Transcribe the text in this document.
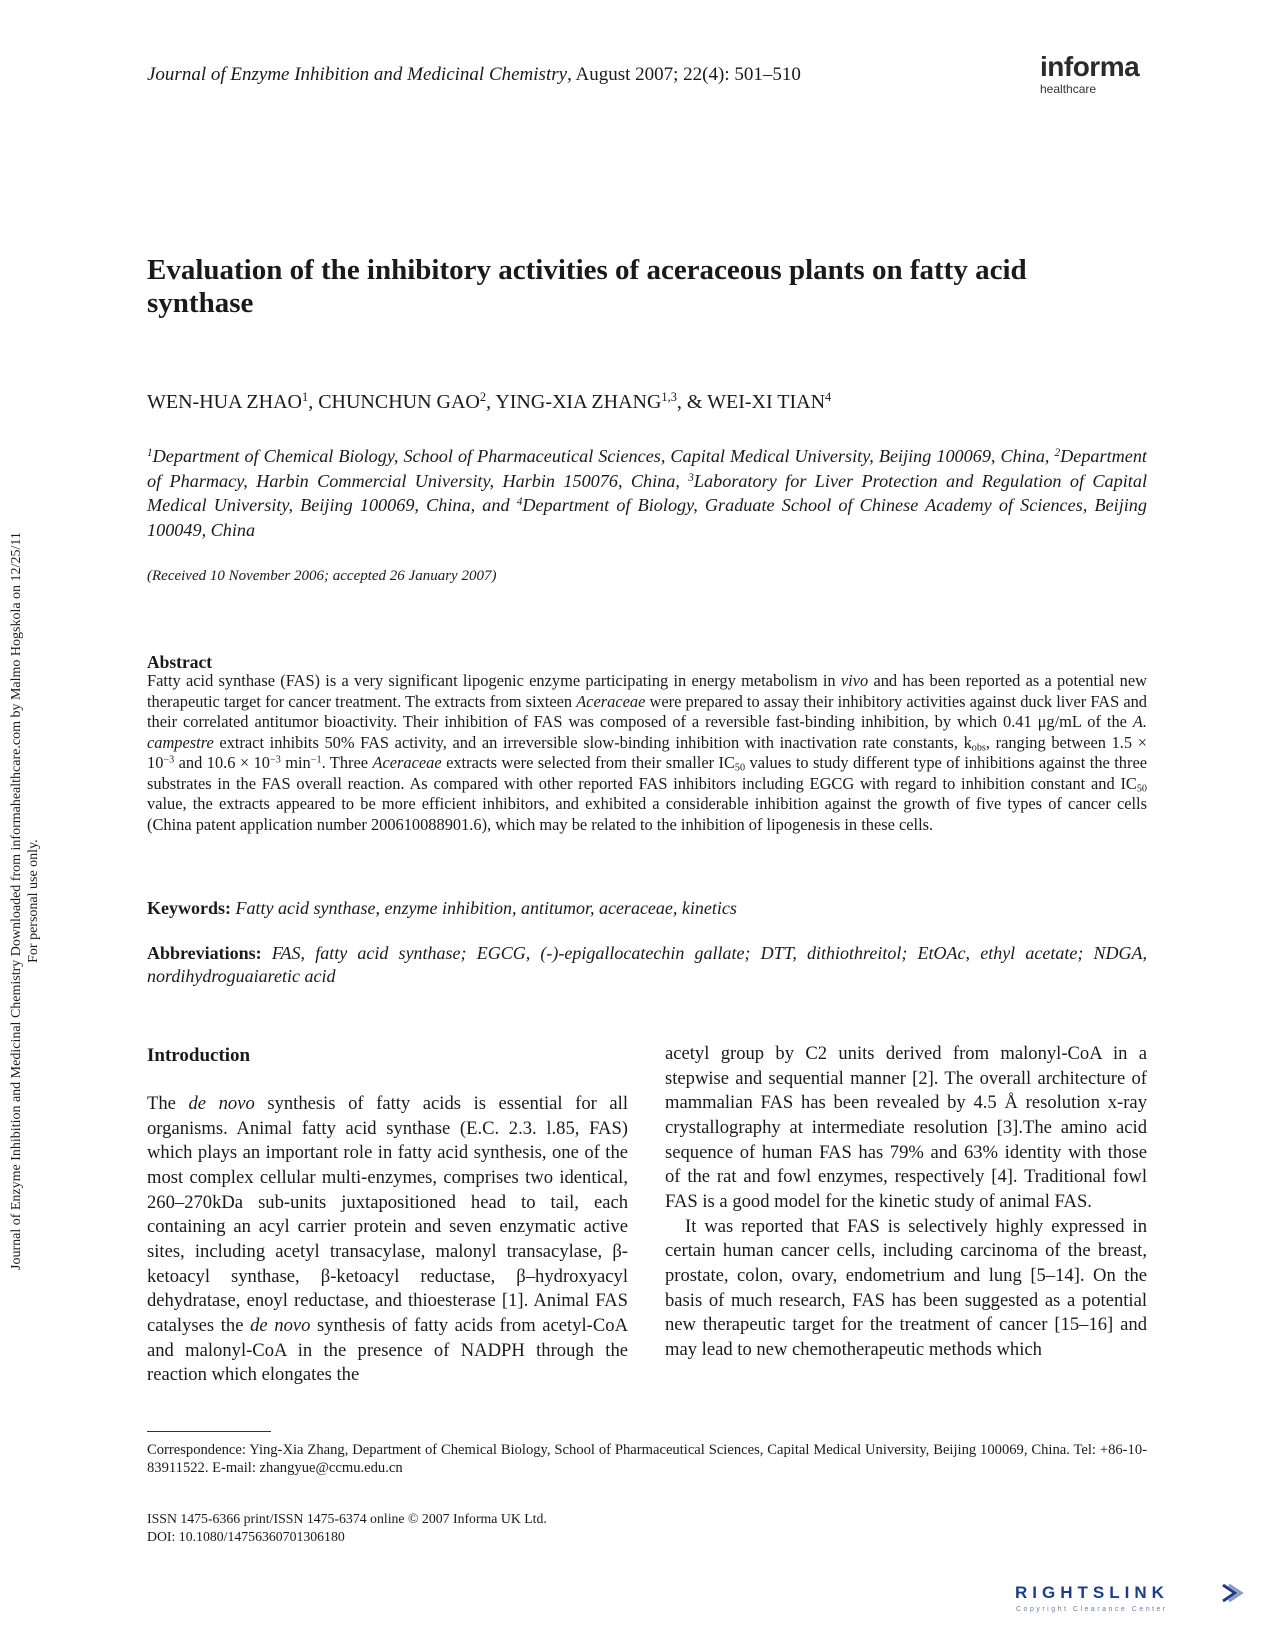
Journal of Enzyme Inhibition and Medicinal Chemistry, August 2007; 22(4): 501–510	informa
healthcare
Journal of Enzyme Inhibition and Medicinal Chemistry Downloaded from informahealthcare.com by Malmo Hogskola on 12/25/11 For personal use only.
Evaluation of the inhibitory activities of aceraceous plants on fatty acid synthase
WEN-HUA ZHAO$^1$, CHUNCHUN GAO$^2$, YING-XIA ZHANG$^{1,3}$, & WEI-XI TIAN$^4$
$^1$Department of Chemical Biology, School of Pharmaceutical Sciences, Capital Medical University, Beijing 100069, China, $^2$Department of Pharmacy, Harbin Commercial University, Harbin 150076, China, $^3$Laboratory for Liver Protection and Regulation of Capital Medical University, Beijing 100069, China, and $^4$Department of Biology, Graduate School of Chinese Academy of Sciences, Beijing 100049, China
(Received 10 November 2006; accepted 26 January 2007)
Abstract
Fatty acid synthase (FAS) is a very significant lipogenic enzyme participating in energy metabolism in vivo and has been reported as a potential new therapeutic target for cancer treatment. The extracts from sixteen Aceraceae were prepared to assay their inhibitory activities against duck liver FAS and their correlated antitumor bioactivity. Their inhibition of FAS was composed of a reversible fast-binding inhibition, by which 0.41 μg/mL of the A. campestre extract inhibits 50% FAS activity, and an irreversible slow-binding inhibition with inactivation rate constants, $k_{obs}$, ranging between $1.5 \times 10^{-3}$ and $10.6 \times 10^{-3}$ $\min^{-1}$. Three Aceraceae extracts were selected from their smaller $IC_{50}$ values to study different type of inhibitions against the three substrates in the FAS overall reaction. As compared with other reported FAS inhibitors including EGCG with regard to inhibition constant and $IC_{50}$ value, the extracts appeared to be more efficient inhibitors, and exhibited a considerable inhibition against the growth of five types of cancer cells (China patent application number 200610088901.6), which may be related to the inhibition of lipogenesis in these cells.
Keywords: Fatty acid synthase, enzyme inhibition, antitumor, aceraceae, kinetics
Abbreviations: FAS, fatty acid synthase; EGCG, (-)-epigallocatechin gallate; DTT, dithiothreitol; EtOAc, ethyl acetate; NDGA, nordihydroguaiaretic acid
Introduction

The de novo synthesis of fatty acids is essential for all organisms. Animal fatty acid synthase (E.C. 2.3. l.85, FAS) which plays an important role in fatty acid synthesis, one of the most complex cellular multi-enzymes, comprises two identical, 260–270kDa sub-units juxtapositioned head to tail, each containing an acyl carrier protein and seven enzymatic active sites, including acetyl transacylase, malonyl transacylase, β-ketoacyl synthase, β-ketoacyl reductase, β–hydroxyacyl dehydratase, enoyl reductase, and thioesterase [1]. Animal FAS catalyses the de novo synthesis of fatty acids from acetyl-CoA and malonyl-CoA in the presence of NADPH through the reaction which elongates the

acetyl group by C2 units derived from malonyl-CoA in a stepwise and sequential manner [2]. The overall architecture of mammalian FAS has been revealed by 4.5 Å resolution x-ray crystallography at intermediate resolution [3].The amino acid sequence of human FAS has 79% and 63% identity with those of the rat and fowl enzymes, respectively [4]. Traditional fowl FAS is a good model for the kinetic study of animal FAS.

It was reported that FAS is selectively highly expressed in certain human cancer cells, including carcinoma of the breast, prostate, colon, ovary, endometrium and lung [5–14]. On the basis of much research, FAS has been suggested as a potential new therapeutic target for the treatment of cancer [15–16] and may lead to new chemotherapeutic methods which

Correspondence: Ying-Xia Zhang, Department of Chemical Biology, School of Pharmaceutical Sciences, Capital Medical University, Beijing 100069, China. Tel: +86-10-83911522. E-mail: zhangyue@ccmu.edu.cn
ISSN 1475-6366 print/ISSN 1475-6374 online © 2007 Informa UK Ltd.
DOI: 10.1080/14756360701306180
RIGHTSLINK
Copyright Clearance Center
